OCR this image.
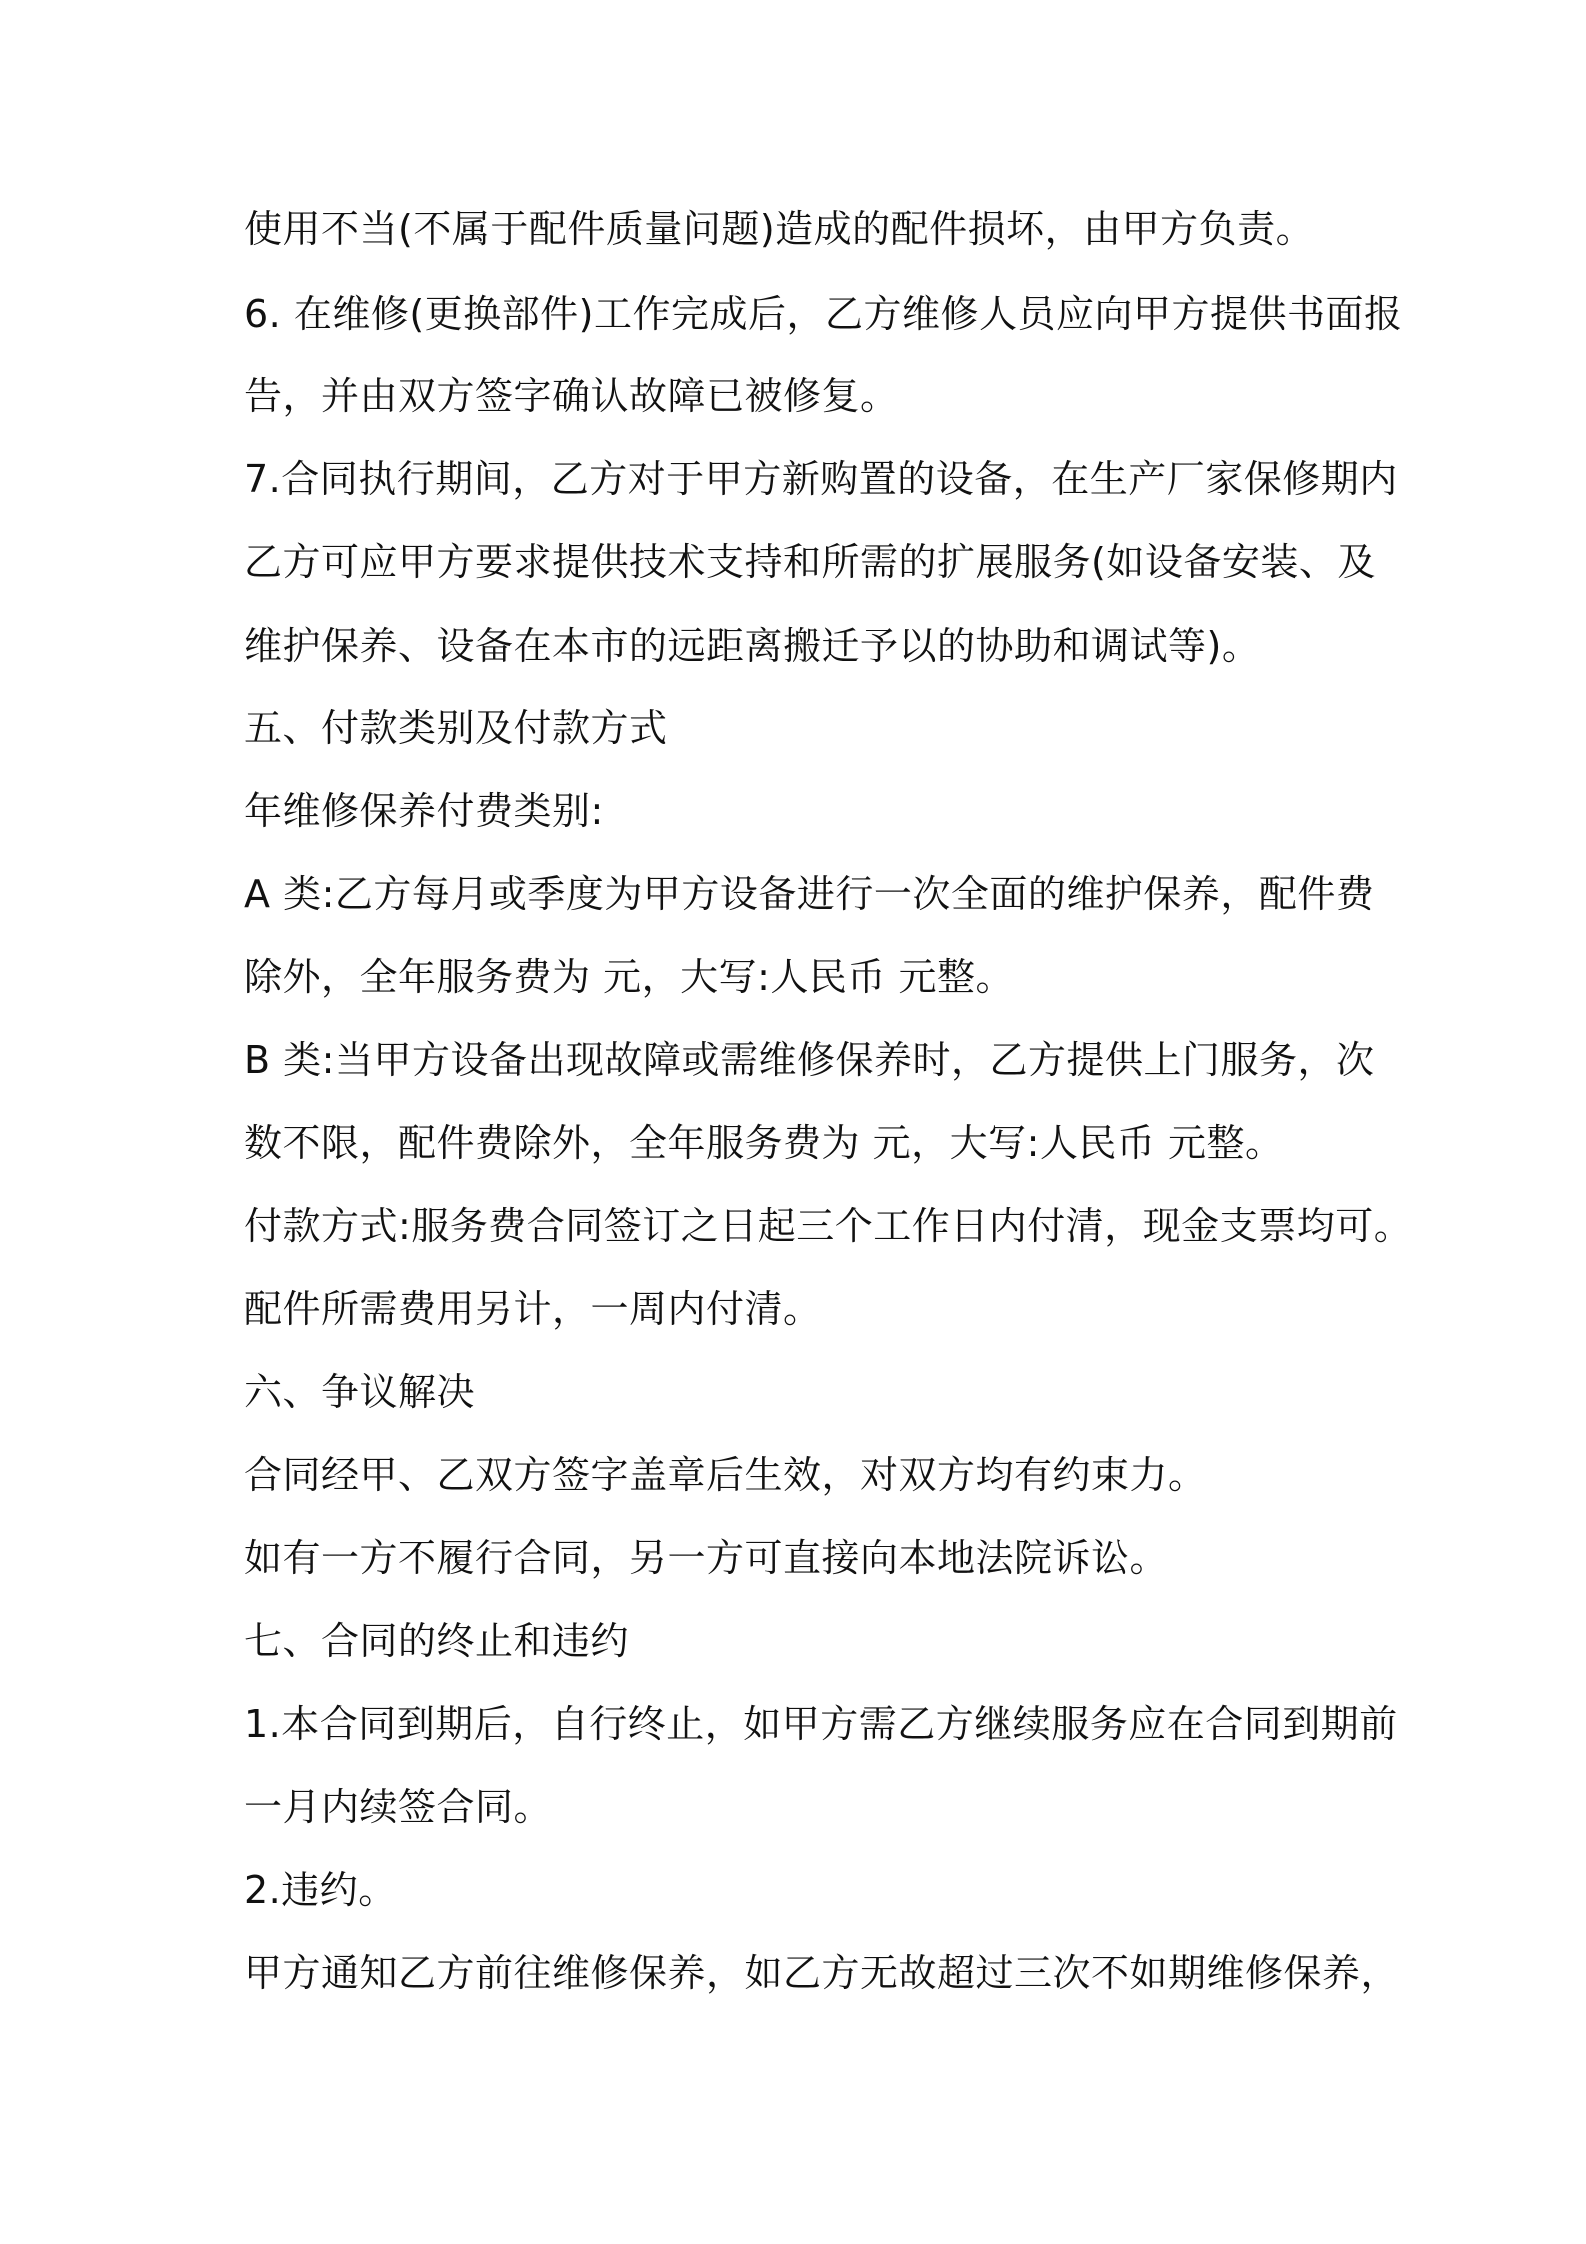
使用不当(不属于配件质量问题)造成的配件损坏，由甲方负责。
6. 在维修(更换部件)工作完成后，乙方维修人员应向甲方提供书面报
告，并由双方签字确认故障已被修复。
7.合同执行期间，乙方对于甲方新购置的设备，在生产厂家保修期内
乙方可应甲方要求提供技术支持和所需的扩展服务(如设备安装、及
维护保养、设备在本市的远距离搬迁予以的协助和调试等)。
五、付款类别及付款方式
年维修保养付费类别:
A 类:乙方每月或季度为甲方设备进行一次全面的维护保养，配件费
除外，全年服务费为 元，大写:人民币 元整。
B 类:当甲方设备出现故障或需维修保养时，乙方提供上门服务，次
数不限，配件费除外，全年服务费为 元，大写:人民币 元整。
付款方式:服务费合同签订之日起三个工作日内付清，现金支票均可。
配件所需费用另计，一周内付清。
六、争议解决
合同经甲、乙双方签字盖章后生效，对双方均有约束力。
如有一方不履行合同，另一方可直接向本地法院诉讼。
七、合同的终止和违约
1.本合同到期后，自行终止，如甲方需乙方继续服务应在合同到期前
一月内续签合同。
2.违约。
甲方通知乙方前往维修保养，如乙方无故超过三次不如期维修保养，
